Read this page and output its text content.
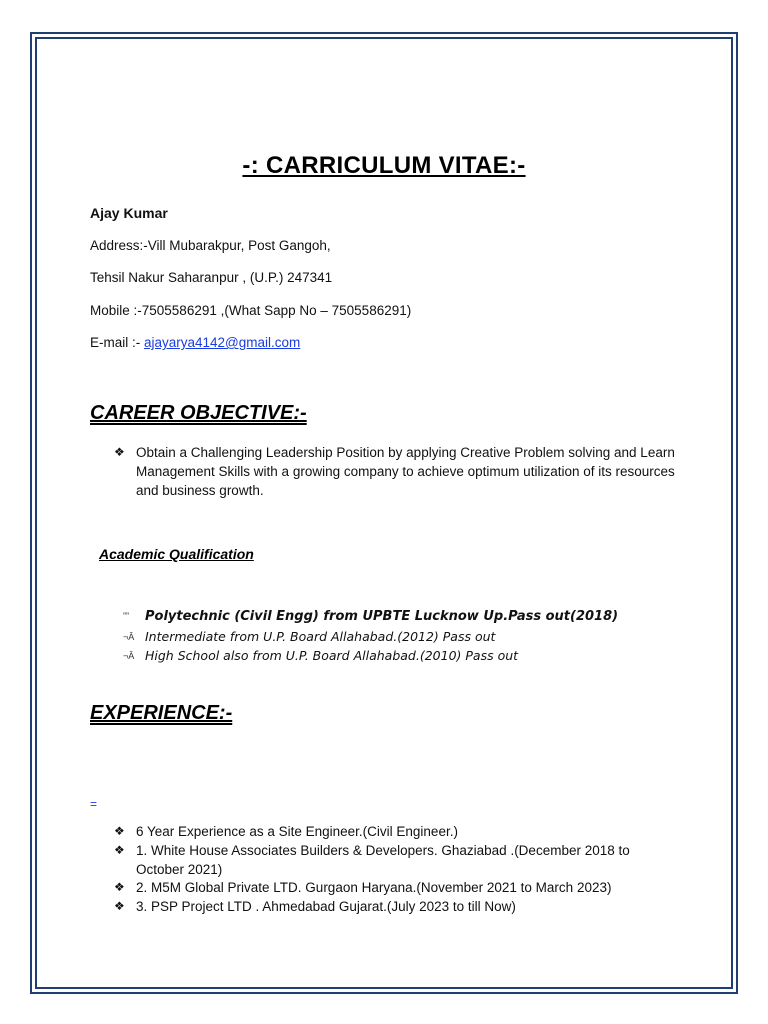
-: CARRICULUM VITAE:-
Ajay Kumar
Address:-Vill Mubarakpur, Post Gangoh,
Tehsil Nakur Saharanpur , (U.P.) 247341
Mobile :-7505586291 ,(What Sapp No – 7505586291)
E-mail :- ajayarya4142@gmail.com
CAREER OBJECTIVE:-
❖ Obtain a Challenging Leadership Position by applying Creative Problem solving and Learn Management Skills with a growing company to achieve optimum utilization of its resources and business growth.
Academic Qualification
”” Polytechnic (Civil Engg) from UPBTE Lucknow Up.Pass out(2018)
¬Â Intermediate from U.P. Board Allahabad.(2012) Pass out
¬Â High School also from U.P. Board Allahabad.(2010) Pass out
EXPERIENCE:-
=
❖ 6 Year Experience as a Site Engineer.(Civil Engineer.)
❖ 1. White House Associates Builders & Developers. Ghaziabad .(December 2018 to October 2021)
❖ 2. M5M Global Private LTD. Gurgaon Haryana.(November 2021 to March 2023)
❖ 3. PSP Project LTD . Ahmedabad Gujarat.(July 2023 to till Now)
